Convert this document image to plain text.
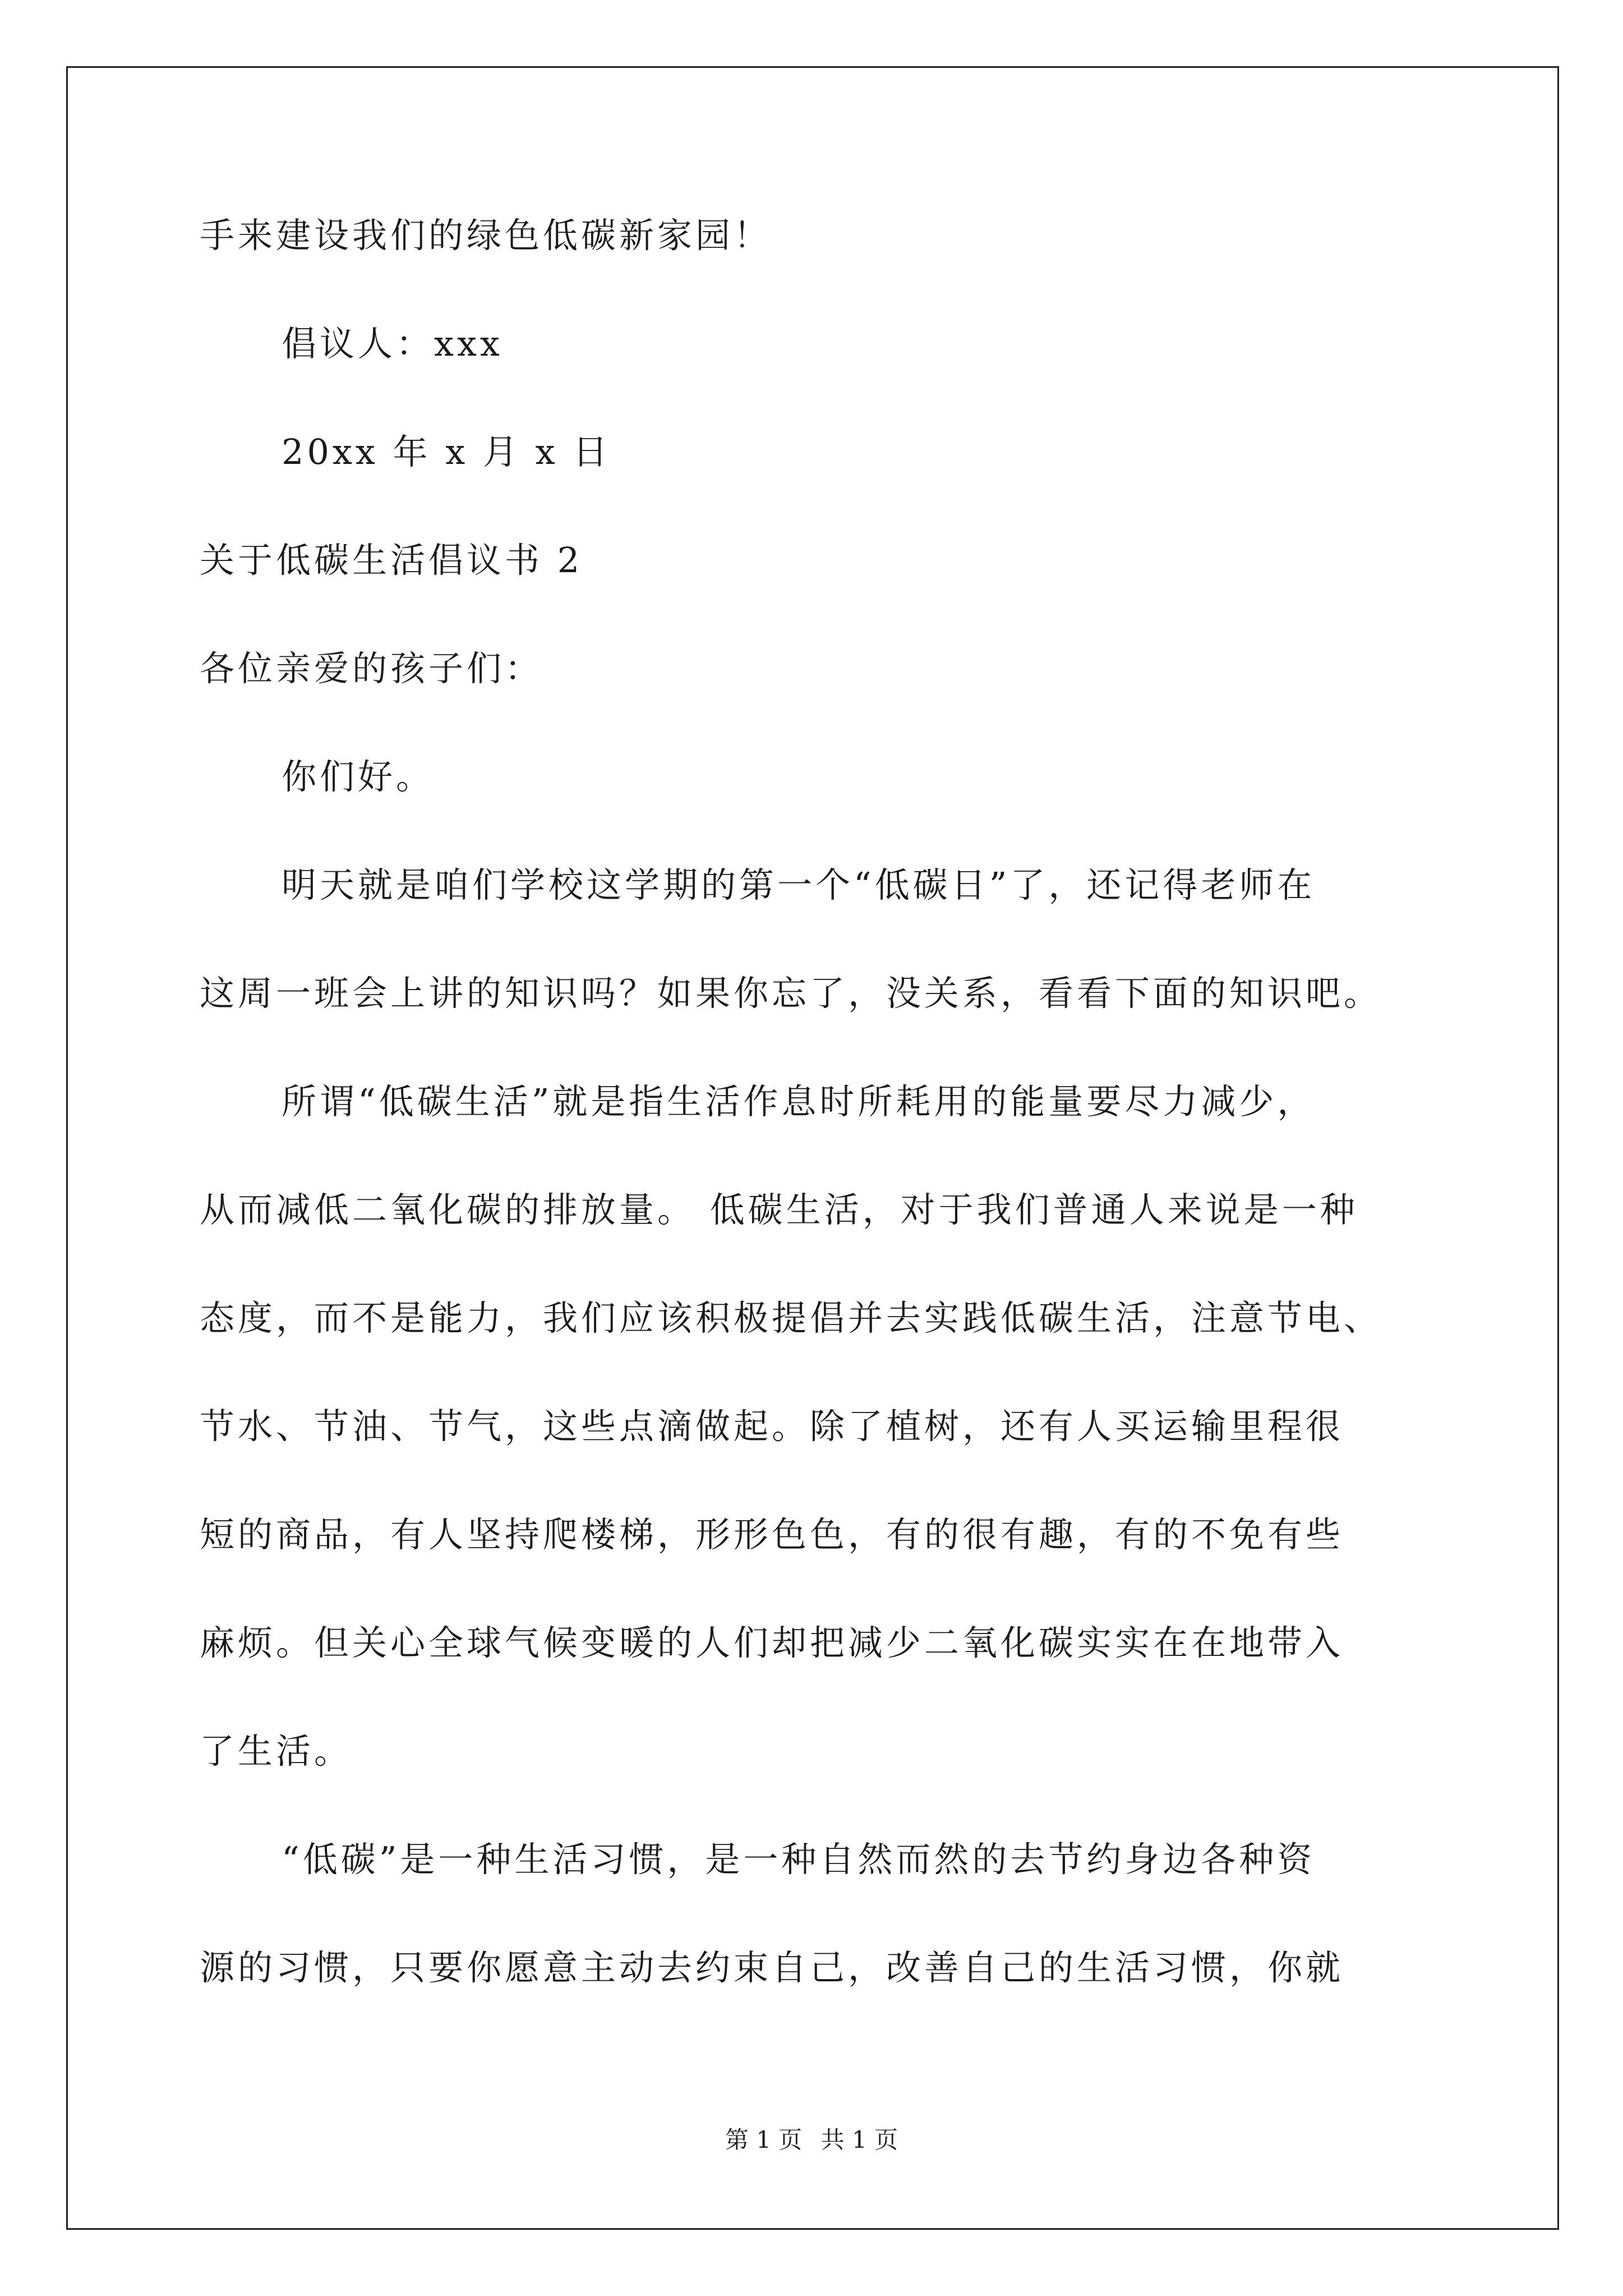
手来建设我们的绿色低碳新家园！
倡议人：xxx
20xx 年 x 月 x 日
关于低碳生活倡议书 2
各位亲爱的孩子们：
你们好。
明天就是咱们学校这学期的第一个“低碳日”了，还记得老师在
这周一班会上讲的知识吗？如果你忘了，没关系，看看下面的知识吧。
所谓“低碳生活”就是指生活作息时所耗用的能量要尽力减少，
从而减低二氧化碳的排放量。 低碳生活，对于我们普通人来说是一种
态度，而不是能力，我们应该积极提倡并去实践低碳生活，注意节电、
节水、节油、节气，这些点滴做起。除了植树，还有人买运输里程很
短的商品，有人坚持爬楼梯，形形色色，有的很有趣，有的不免有些
麻烦。但关心全球气候变暖的人们却把减少二氧化碳实实在在地带入
了生活。
“低碳”是一种生活习惯，是一种自然而然的去节约身边各种资
源的习惯，只要你愿意主动去约束自己，改善自己的生活习惯，你就
第 1 页 共 1 页
